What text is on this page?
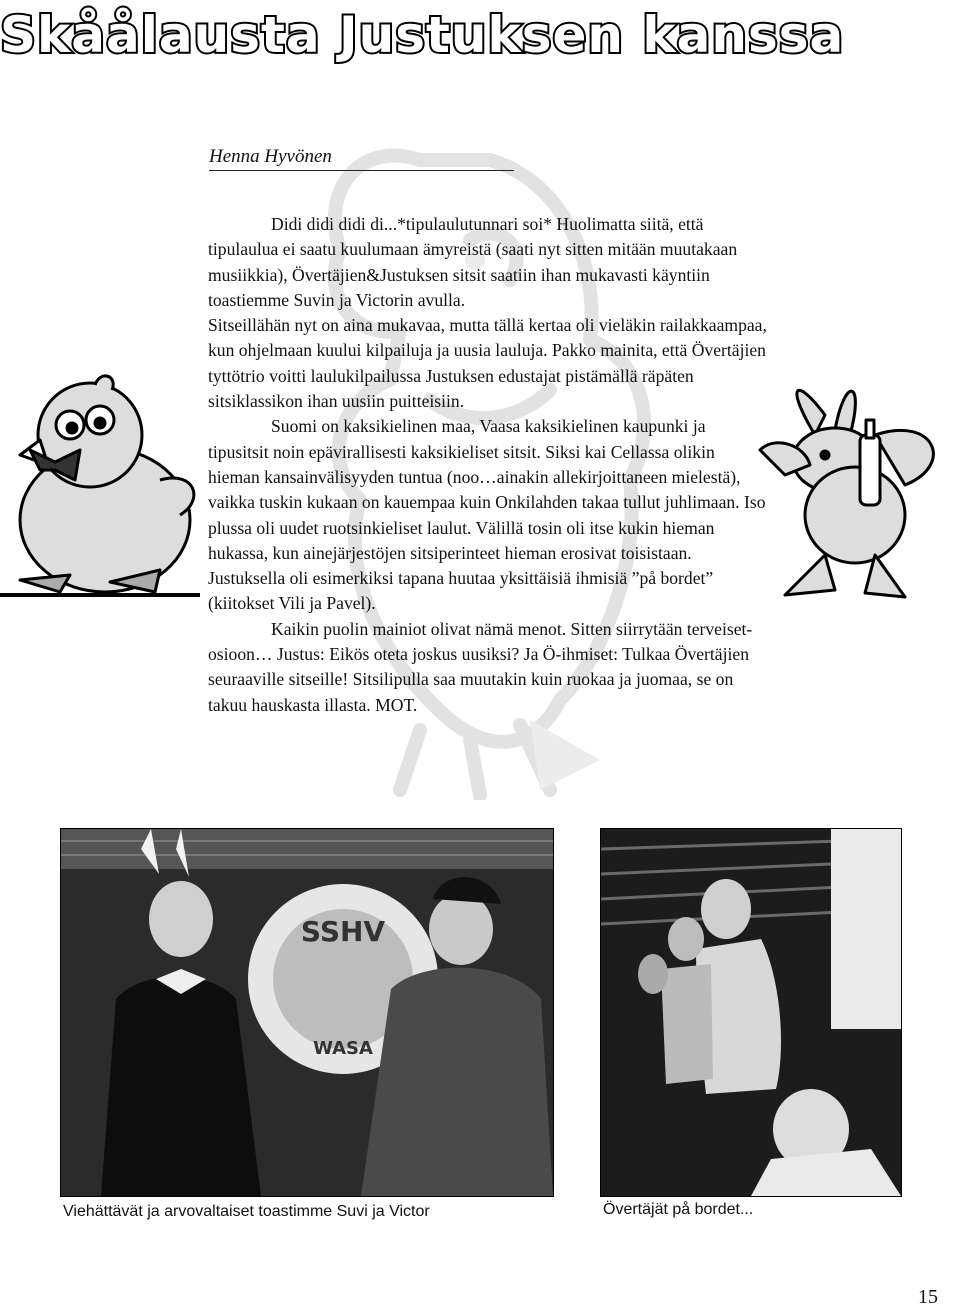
Skåålausta Justuksen kanssa
Henna Hyvönen

Didi didi didi di...*tipulaulutunnari soi* Huolimatta siitä, että tipulaulua ei saatu kuulumaan ämyreistä (saati nyt sitten mitään muutakaan musiikkia), Övertäjien&Justuksen sitsit saatiin ihan mukavasti käyntiin toastiemme Suvin ja Victorin avulla.

Sitseillähän nyt on aina mukavaa, mutta tällä kertaa oli vieläkin railakkaampaa, kun ohjelmaan kuului kilpailuja ja uusia lauluja. Pakko mainita, että Övertäjien tyttötrio voitti laulukilpailussa Justuksen edustajat pistämällä räpäten sitsiklassikon ihan uusiin puitteisiin.

Suomi on kaksikielinen maa, Vaasa kaksikielinen kaupunki ja tipusitsit noin epävirallisesti kaksikieliset sitsit. Siksi kai Cellassa olikin hieman kansainvälisyyden tuntua (noo…ainakin allekirjoittaneen mielestä), vaikka tuskin kukaan on kauempaa kuin Onkilahden takaa tullut juhlimaan. Iso plussa oli uudet ruotsinkieliset laulut. Välillä tosin oli itse kukin hieman hukassa, kun ainejärjestöjen sitsiperinteet hieman erosivat toisistaan. Justuksella oli esimerkiksi tapana huutaa yksittäisiä ihmisiä ”på bordet” (kiitokset Vili ja Pavel).

Kaikin puolin mainiot olivat nämä menot. Sitten siirrytään terveiset-osioon… Justus: Eikös oteta joskus uusiksi? Ja Ö-ihmiset: Tulkaa Övertäjien seuraaville sitseille! Sitsilipulla saa muutakin kuin ruokaa ja juomaa, se on takuu hauskasta illasta. MOT.

SSHV
WASA
Viehättävät ja arvovaltaiset toastimme Suvi ja Victor	Övertäjät på bordet...
15
